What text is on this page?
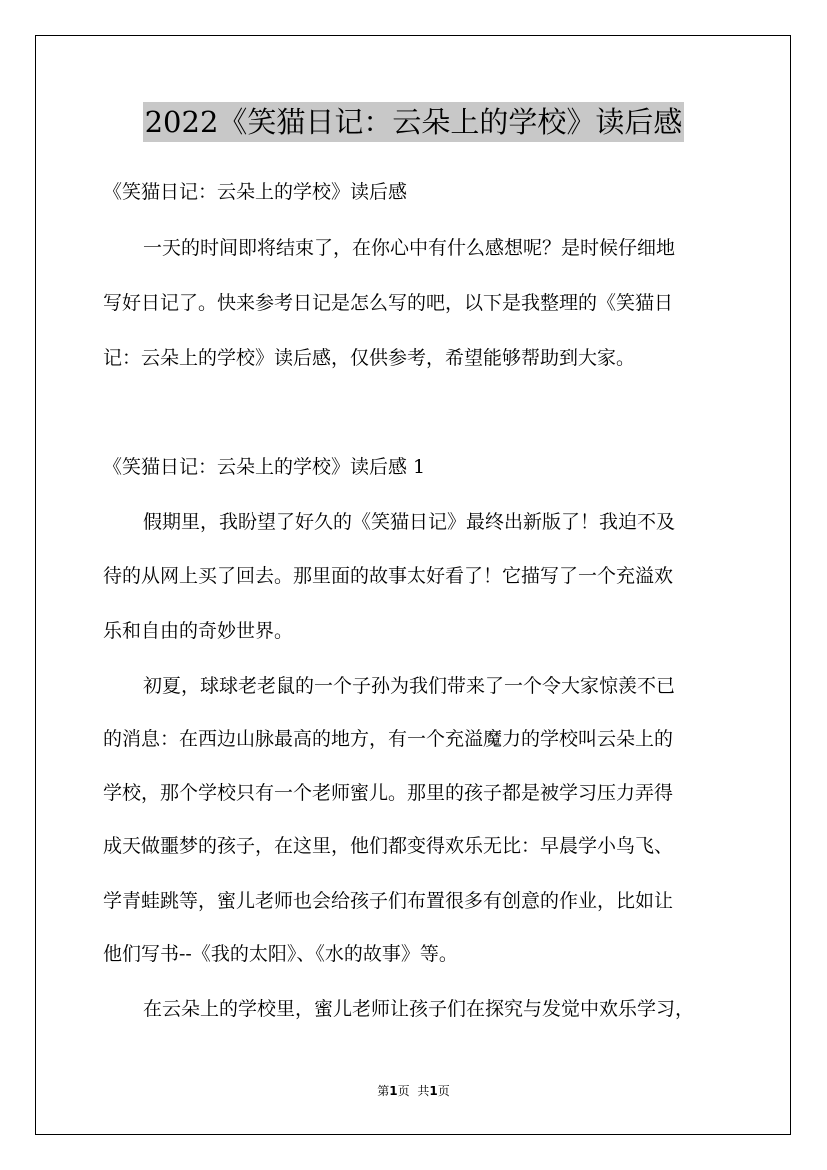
2022《笑猫日记：云朵上的学校》读后感
《笑猫日记：云朵上的学校》读后感
一天的时间即将结束了，在你心中有什么感想呢？是时候仔细地
写好日记了。快来参考日记是怎么写的吧，以下是我整理的《笑猫日
记：云朵上的学校》读后感，仅供参考，希望能够帮助到大家。
《笑猫日记：云朵上的学校》读后感 1
假期里，我盼望了好久的《笑猫日记》最终出新版了！我迫不及
待的从网上买了回去。那里面的故事太好看了！它描写了一个充溢欢
乐和自由的奇妙世界。
初夏，球球老老鼠的一个子孙为我们带来了一个令大家惊羡不已
的消息：在西边山脉最高的地方，有一个充溢魔力的学校叫云朵上的
学校，那个学校只有一个老师蜜儿。那里的孩子都是被学习压力弄得
成天做噩梦的孩子，在这里，他们都变得欢乐无比：早晨学小鸟飞、
学青蛙跳等，蜜儿老师也会给孩子们布置很多有创意的作业，比如让
他们写书--《我的太阳》、《水的故事》等。
在云朵上的学校里，蜜儿老师让孩子们在探究与发觉中欢乐学习，
第1页 共1页
